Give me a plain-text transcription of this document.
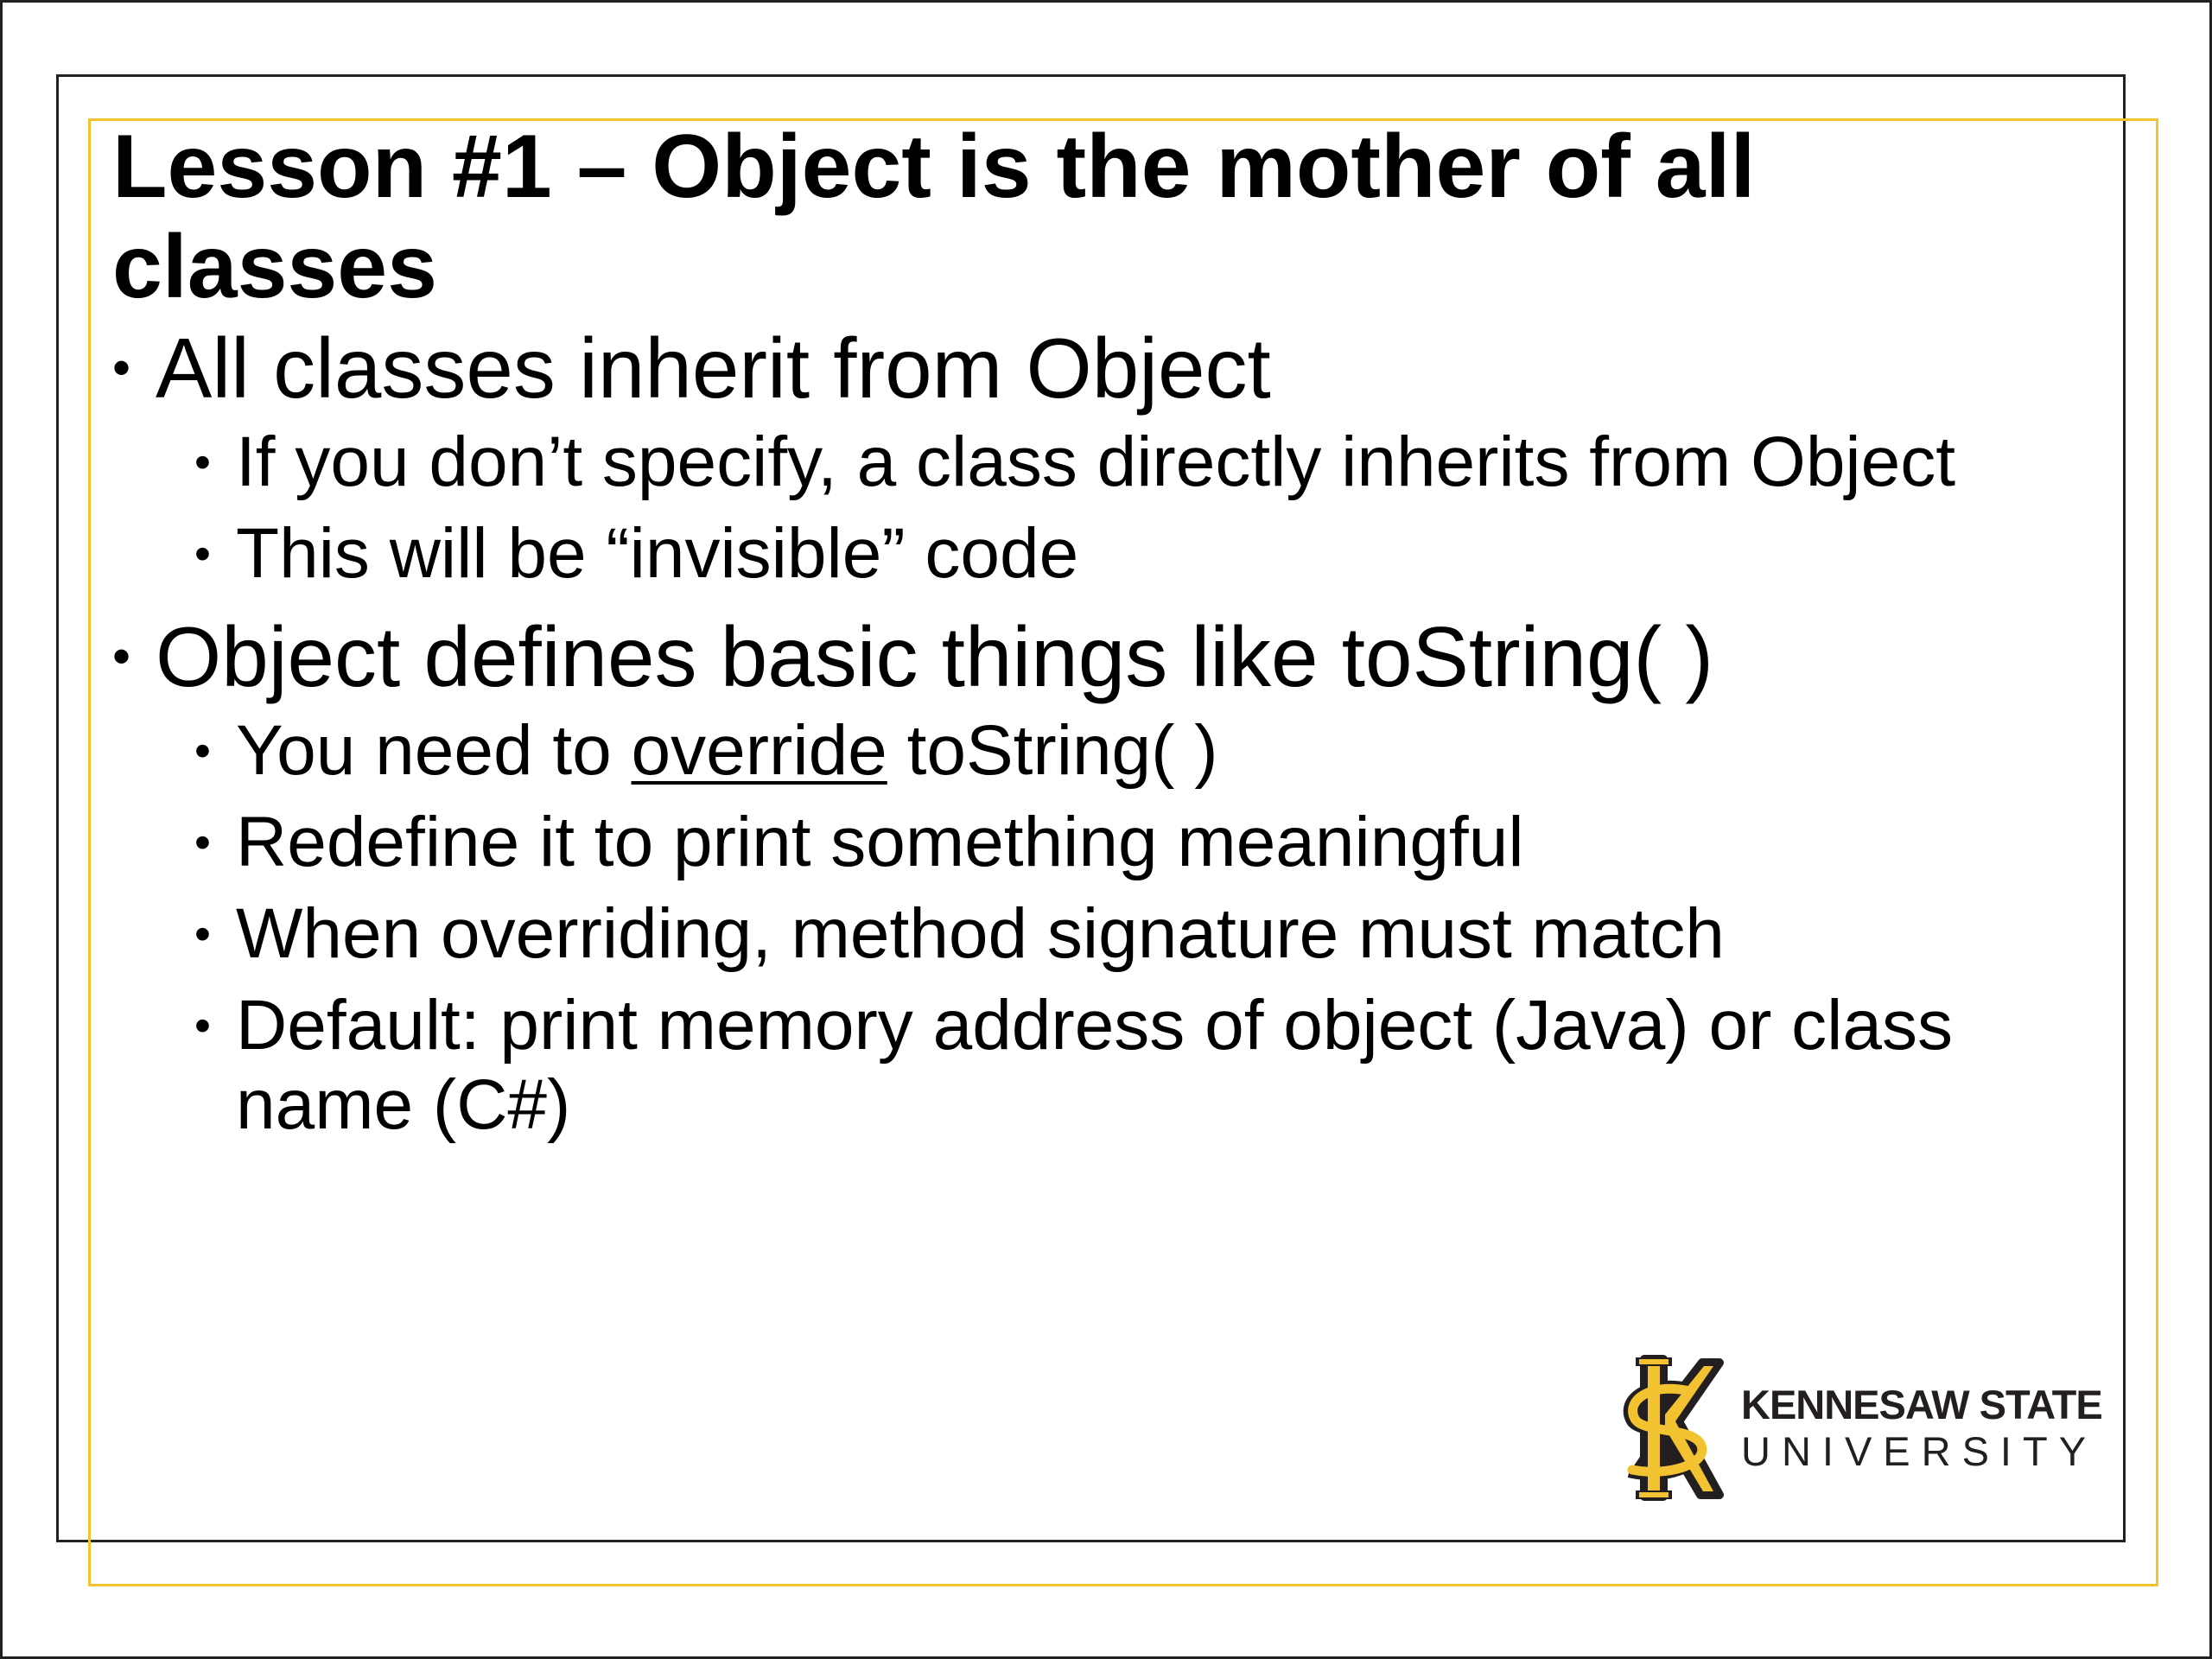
Lesson #1 – Object is the mother of all classes
• All classes inherit from Object
• If you don’t specify, a class directly inherits from Object
• This will be “invisible” code
• Object defines basic things like toString( )
• You need to override toString( )
• Redefine it to print something meaningful
• When overriding, method signature must match
• Default: print memory address of object (Java) or class name (C#)
KENNESAW STATE
UNIVERSITY
